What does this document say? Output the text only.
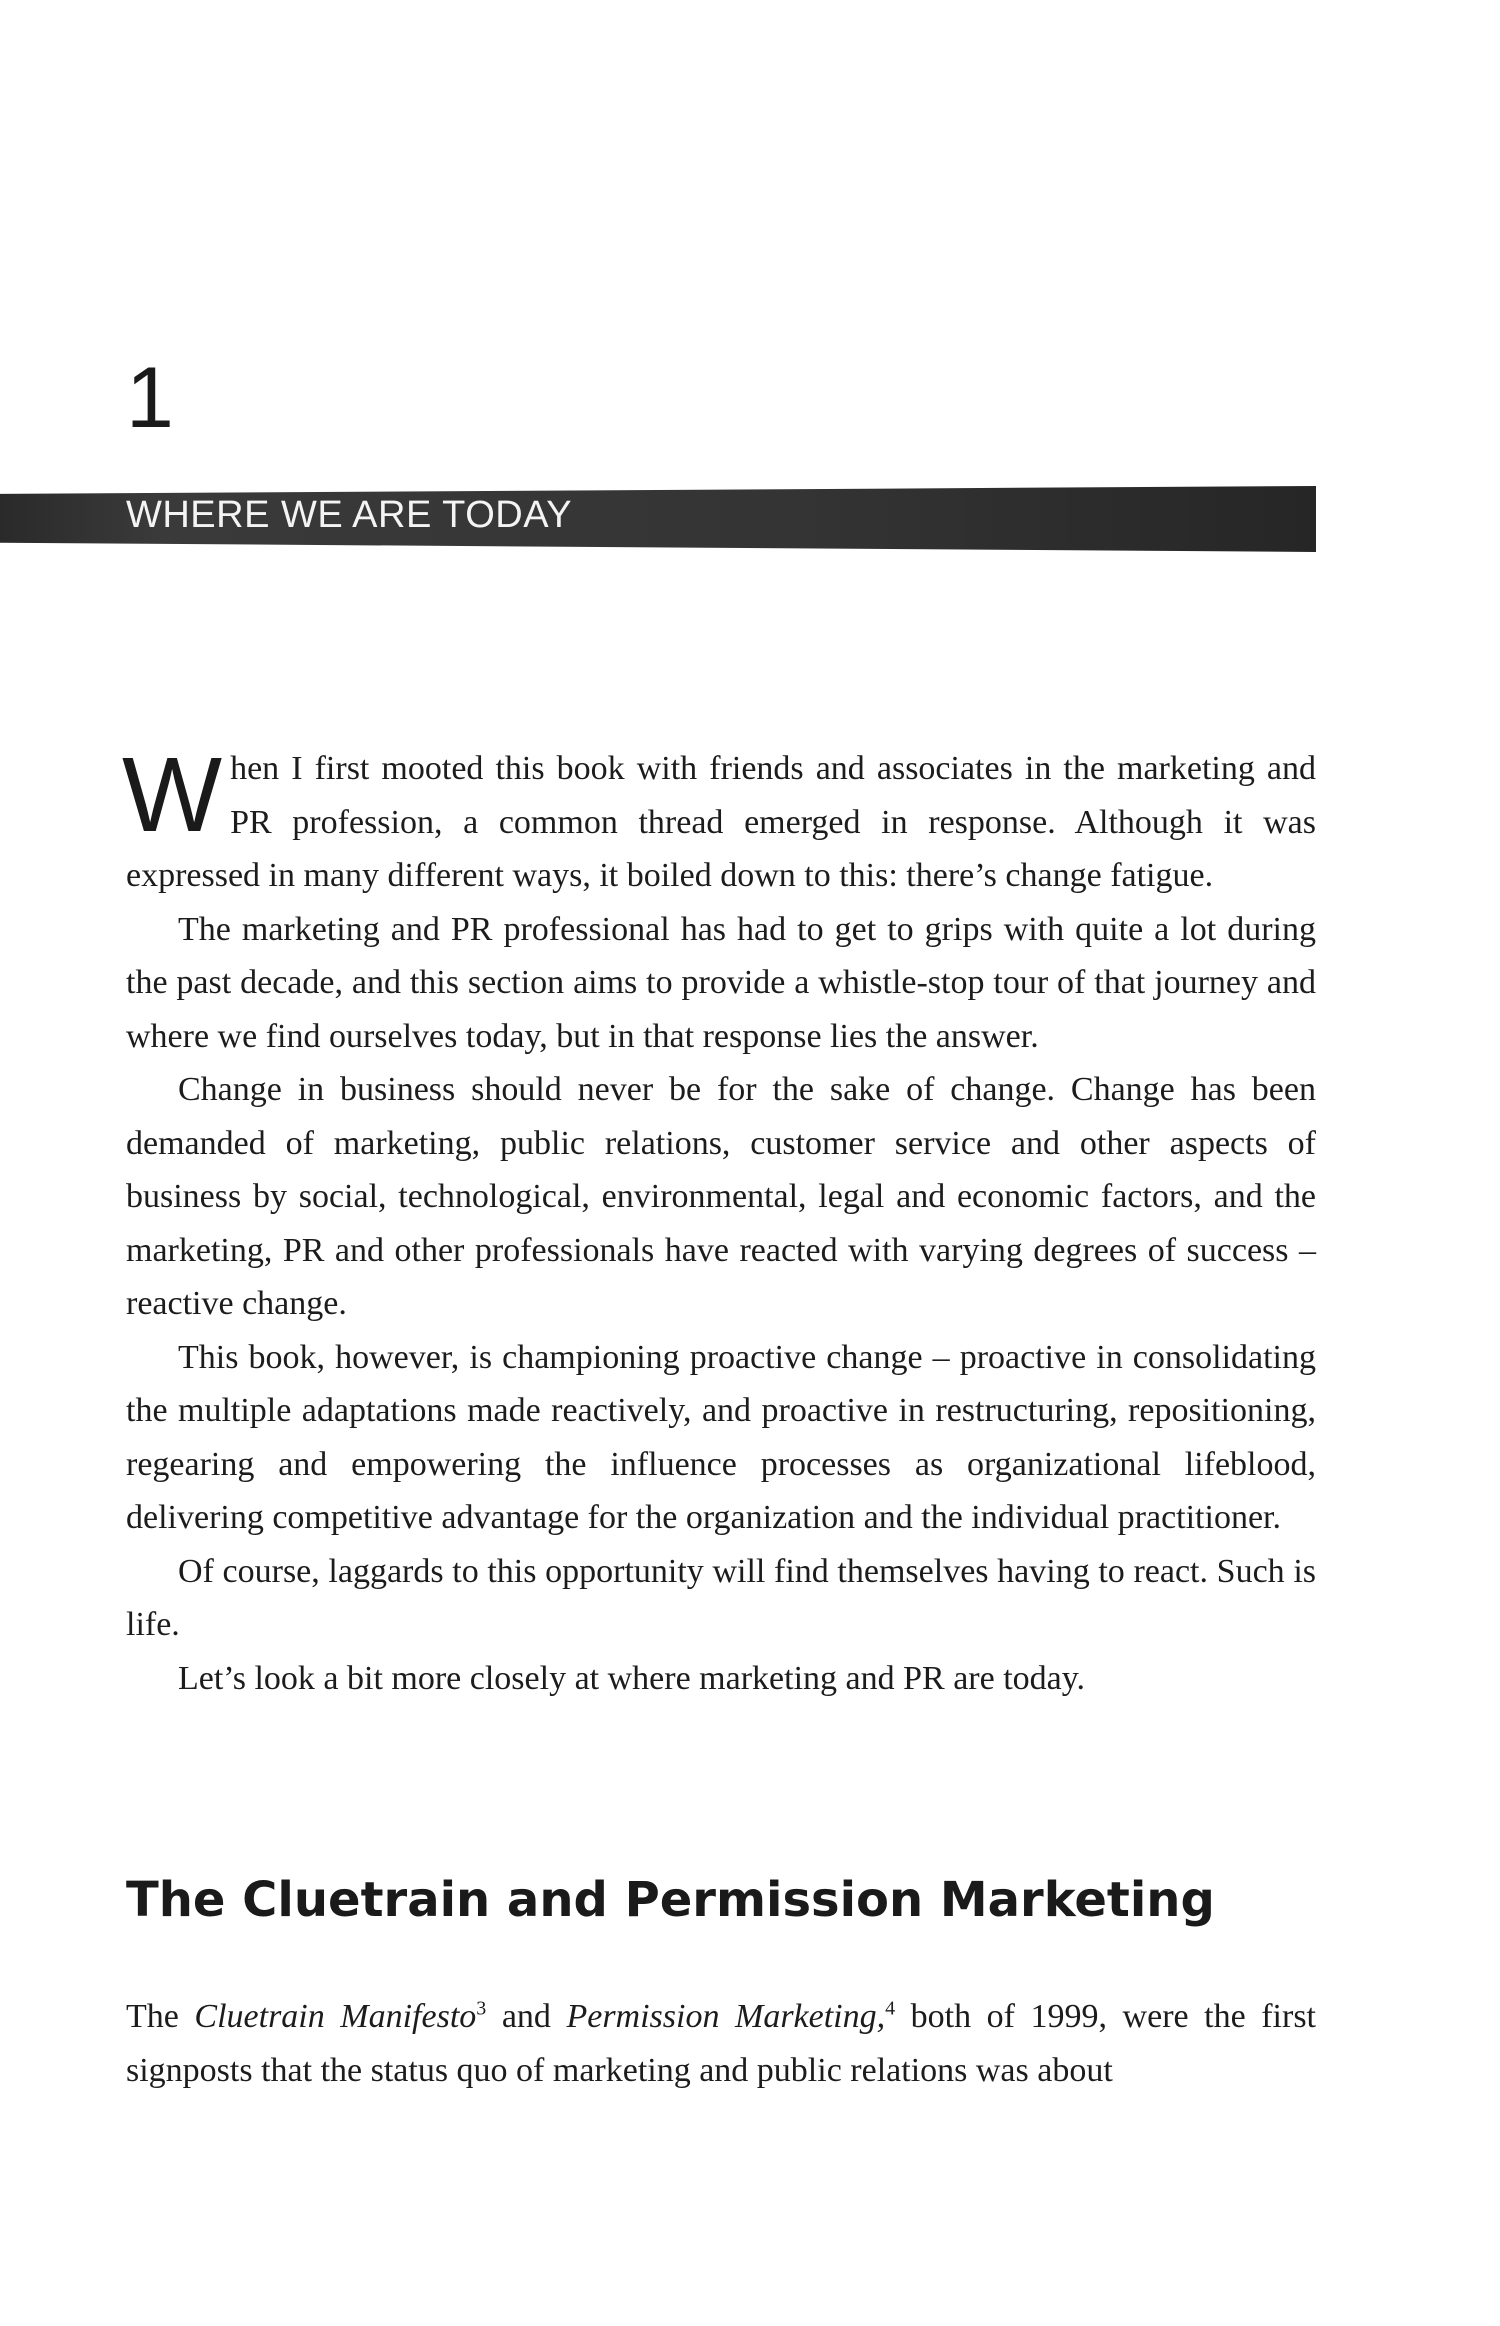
1
WHERE WE ARE TODAY

When I first mooted this book with friends and associates in the marketing and PR profession, a common thread emerged in response. Although it was expressed in many different ways, it boiled down to this: there’s change fatigue.

The marketing and PR professional has had to get to grips with quite a lot during the past decade, and this section aims to provide a whistle-stop tour of that journey and where we find ourselves today, but in that response lies the answer.

Change in business should never be for the sake of change. Change has been demanded of marketing, public relations, customer service and other aspects of business by social, technological, environmental, legal and economic factors, and the marketing, PR and other professionals have reacted with varying degrees of success – reactive change.

This book, however, is championing proactive change – proactive in consolidating the multiple adaptations made reactively, and proactive in restructuring, repositioning, regearing and empowering the influence processes as organizational lifeblood, delivering competitive advantage for the organization and the individual practitioner.

Of course, laggards to this opportunity will find themselves having to react. Such is life.

Let’s look a bit more closely at where marketing and PR are today.

The Cluetrain and Permission Marketing

The Cluetrain Manifesto$^3$ and Permission Marketing,$^4$ both of 1999, were the first signposts that the status quo of marketing and public relations was about
